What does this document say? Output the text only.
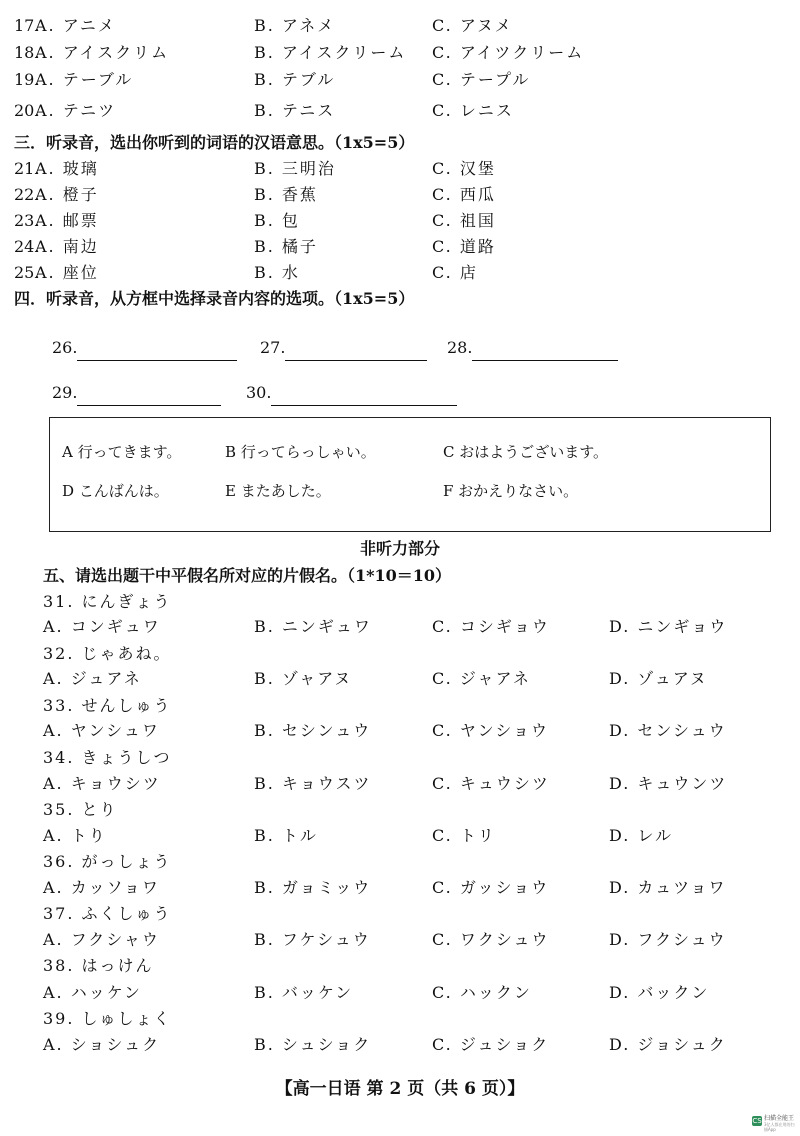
17.
A. アニメ	B. アネメ	C. アヌメ
18.
A. アイスクリム	B. アイスクリーム C. アイツクリーム
19.
A. テーブル	B. テブル	C. テープル
20.
A. テニツ	B. テニス	C. レニス
三．听录音，选出你听到的词语的汉语意思。（1x5=5）
21.
A. 玻璃	B. 三明治	C. 汉堡
22.
A. 橙子	B. 香蕉	C. 西瓜
23.
A. 邮票	B. 包	C. 祖国
24.
A. 南边	B. 橘子	C. 道路
25.
A. 座位	B. 水	C. 店
四．听录音，从方框中选择录音内容的选项。（1x5=5）
26.	27.	28.
29.	30.
A 行ってきます。	B 行ってらっしゃい。	C おはようございます。
D こんばんは。	E またあした。	F おかえりなさい。
非听力部分
五、请选出题干中平假名所对应的片假名。（1*10＝10）
31. にんぎょう
A. コンギュワ	B. ニンギュワ	C. コシギョウ	D. ニンギョウ
32. じゃあね。
A. ジュアネ	B. ゾャアヌ	C. ジャアネ	D. ゾュアヌ
33. せんしゅう
A. ヤンシュワ	B. セシンュウ	C. ヤンショウ	D. センシュウ
34. きょうしつ
A. キョウシツ	B. キョウスツ	C. キュウシツ	D. キュウンツ
35. とり
A. トり	B. トル	C. トリ	D. レル
36. がっしょう
A. カッソョワ	B. ガョミッウ	C. ガッショウ	D. カュツョワ
37. ふくしゅう
A. フクシャウ	B. フケシュウ	C. ワクシュウ	D. フクシュウ
38. はっけん
A. ハッケン	B. バッケン	C. ハックン	D. バックン
39. しゅしょく
A. ショシュク	B. シュショク	C. ジュショク	D. ジョシュク
【高一日语 第 2 页（共 6 页）】
CS 扫描全能王
3亿人都在用的扫描App
